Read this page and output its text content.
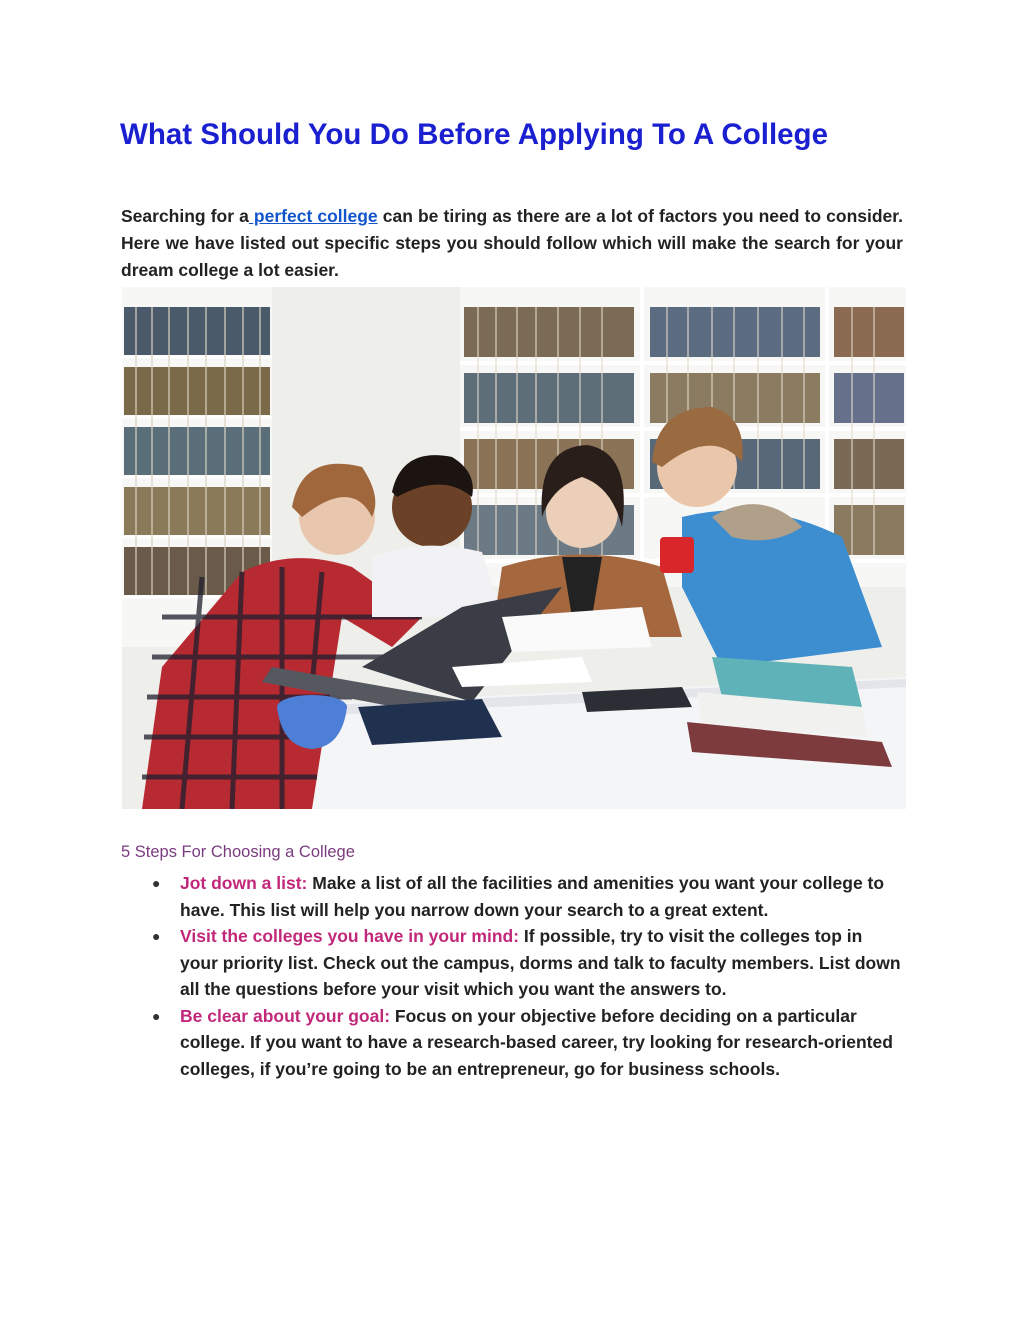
What Should You Do Before Applying To A College

Searching for a perfect college can be tiring as there are a lot of factors you need to consider. Here we have listed out specific steps you should follow which will make the search for your dream college a lot easier.

5 Steps For Choosing a College

● Jot down a list: Make a list of all the facilities and amenities you want your college to have. This list will help you narrow down your search to a great extent.
● Visit the colleges you have in your mind: If possible, try to visit the colleges top in your priority list. Check out the campus, dorms and talk to faculty members. List down all the questions before your visit which you want the answers to.
● Be clear about your goal: Focus on your objective before deciding on a particular college. If you want to have a research-based career, try looking for research-oriented colleges, if you’re going to be an entrepreneur, go for business schools.
